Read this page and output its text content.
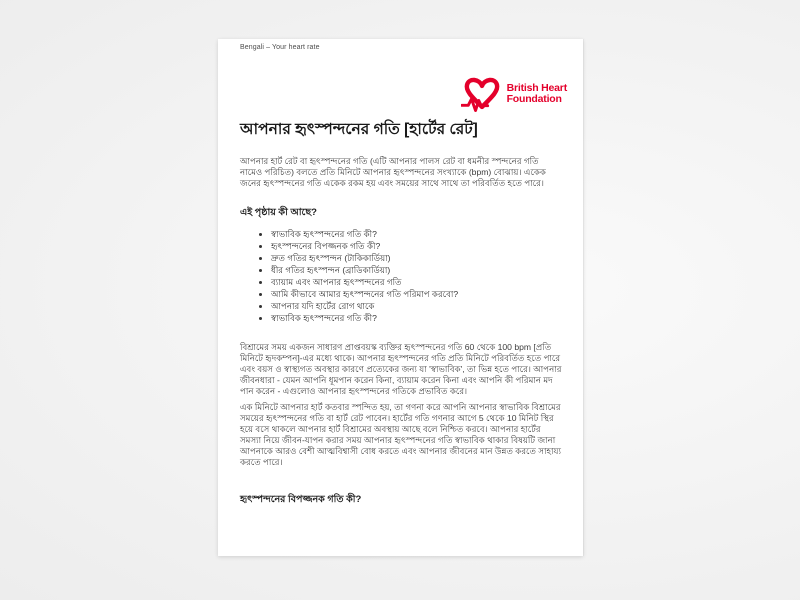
Bengali – Your heart rate
British Heart
Foundation
আপনার হৃৎস্পন্দনের গতি [হার্টের রেট]

আপনার হার্ট রেট বা হৃৎস্পন্দনের গতি (এটি আপনার পালস রেট বা ধমনীর স্পন্দনের গতি নামেও পরিচিত) বলতে প্রতি মিনিটে আপনার হৃৎস্পন্দনের সংখ্যাকে (bpm) বোঝায়। একেক জনের হৃৎস্পন্দনের গতি একেক রকম হয় এবং সময়ের সাথে সাথে তা পরিবর্তিত হতে পারে।

এই পৃষ্ঠায় কী আছে?
স্বাভাবিক হৃৎস্পন্দনের গতি কী?
হৃৎস্পন্দনের বিপজ্জনক গতি কী?
দ্রুত গতির হৃৎস্পন্দন (টাকিকার্ডিয়া)
ধীর গতির হৃৎস্পন্দন (ব্রাডিকার্ডিয়া)
ব্যায়াম এবং আপনার হৃৎস্পন্দনের গতি
আমি কীভাবে আমার হৃৎস্পন্দনের গতি পরিমাপ করবো?
আপনার যদি হার্টের রোগ থাকে
স্বাভাবিক হৃৎস্পন্দনের গতি কী?

বিশ্রামের সময় একজন সাধারণ প্রাপ্তবয়স্ক ব্যক্তির হৃৎস্পন্দনের গতি 60 থেকে 100 bpm [প্রতি মিনিটে হৃদকম্পন]-এর মধ্যে থাকে। আপনার হৃৎস্পন্দনের গতি প্রতি মিনিটে পরিবর্তিত হতে পারে এবং বয়স ও স্বাস্থ্যগত অবস্থার কারণে প্রত্যেকের জন্য যা 'স্বাভাবিক', তা ভিন্ন হতে পারে। আপনার জীবনধারা - যেমন আপনি ধূমপান করেন কিনা, ব্যায়াম করেন কিনা এবং আপনি কী পরিমান মদ পান করেন - এগুলোও আপনার হৃৎস্পন্দনের গতিকে প্রভাবিত করে।

এক মিনিটে আপনার হার্ট কতবার স্পন্দিত হয়, তা গণনা করে আপনি আপনার স্বাভাবিক বিশ্রামের সময়ের হৃৎস্পন্দনের গতি বা হার্ট রেট পাবেন। হার্টের গতি গণনার আগে 5 থেকে 10 মিনিট স্থির হয়ে বসে থাকলে আপনার হার্ট বিশ্রামের অবস্থায় আছে বলে নিশ্চিত করবে। আপনার হার্টের সমস্যা নিয়ে জীবন-যাপন করার সময় আপনার হৃৎস্পন্দনের গতি স্বাভাবিক থাকার বিষয়টি জানা আপনাকে আরও বেশী আত্মবিশ্বাসী বোধ করতে এবং আপনার জীবনের মান উন্নত করতে সাহায্য করতে পারে।

হৃৎস্পন্দনের বিপজ্জনক গতি কী?
